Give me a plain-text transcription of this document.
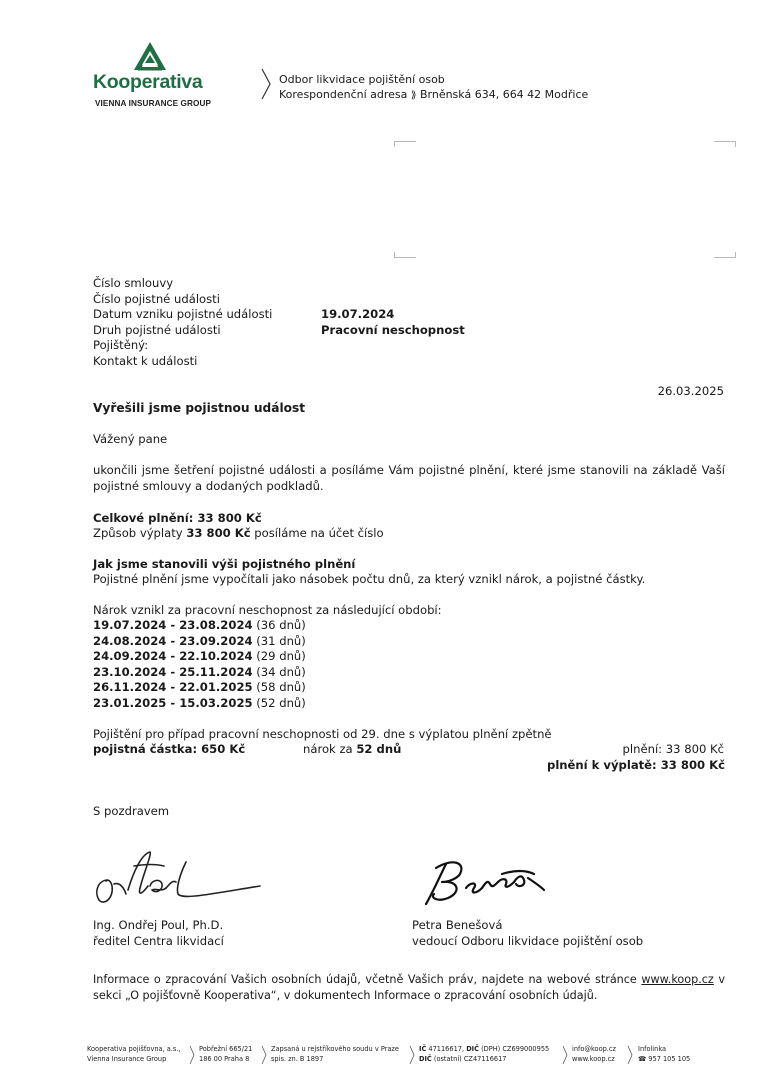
Kooperativa
VIENNA INSURANCE GROUP
Odbor likvidace pojištění osob
Korespondenční adresa ⟫ Brněnská 634, 664 42 Modřice
Číslo smlouvy
Číslo pojistné události
Datum vzniku pojistné události	19.07.2024
Druh pojistné události	Pracovní neschopnost
Pojištěný:
Kontakt k události
26.03.2025
Vyřešili jsme pojistnou událost
Vážený pane
ukončili jsme šetření pojistné události a posíláme Vám pojistné plnění, které jsme stanovili na základě Vaší pojistné smlouvy a dodaných podkladů.
Celkové plnění: 33 800 Kč
Způsob výplaty 33 800 Kč posíláme na účet číslo
Jak jsme stanovili výši pojistného plnění
Pojistné plnění jsme vypočítali jako násobek počtu dnů, za který vznikl nárok, a pojistné částky.
Nárok vznikl za pracovní neschopnost za následující období:
19.07.2024 - 23.08.2024 (36 dnů)
24.08.2024 - 23.09.2024 (31 dnů)
24.09.2024 - 22.10.2024 (29 dnů)
23.10.2024 - 25.11.2024 (34 dnů)
26.11.2024 - 22.01.2025 (58 dnů)
23.01.2025 - 15.03.2025 (52 dnů)
Pojištění pro případ pracovní neschopnosti od 29. dne s výplatou plnění zpětně
pojistná částka: 650 Kč	nárok za 52 dnů	plnění: 33 800 Kč
plnění k výplatě: 33 800 Kč
S pozdravem
Ing. Ondřej Poul, Ph.D.
ředitel Centra likvidací
Petra Benešová
vedoucí Odboru likvidace pojištění osob
Informace o zpracování Vašich osobních údajů, včetně Vašich práv, najdete na webové stránce www.koop.cz v sekci „O pojišťovně Kooperativa“, v dokumentech Informace o zpracování osobních údajů.
Kooperativa pojišťovna, a.s.,
Vienna Insurance Group
Pobřežní 665/21
186 00 Praha 8
Zapsaná u rejstříkového soudu v Praze
spis. zn. B 1897
IČ 47116617, DIČ (DPH) CZ699000955
DIČ (ostatní) CZ47116617
info@koop.cz
www.koop.cz
Infolinka
☎ 957 105 105
